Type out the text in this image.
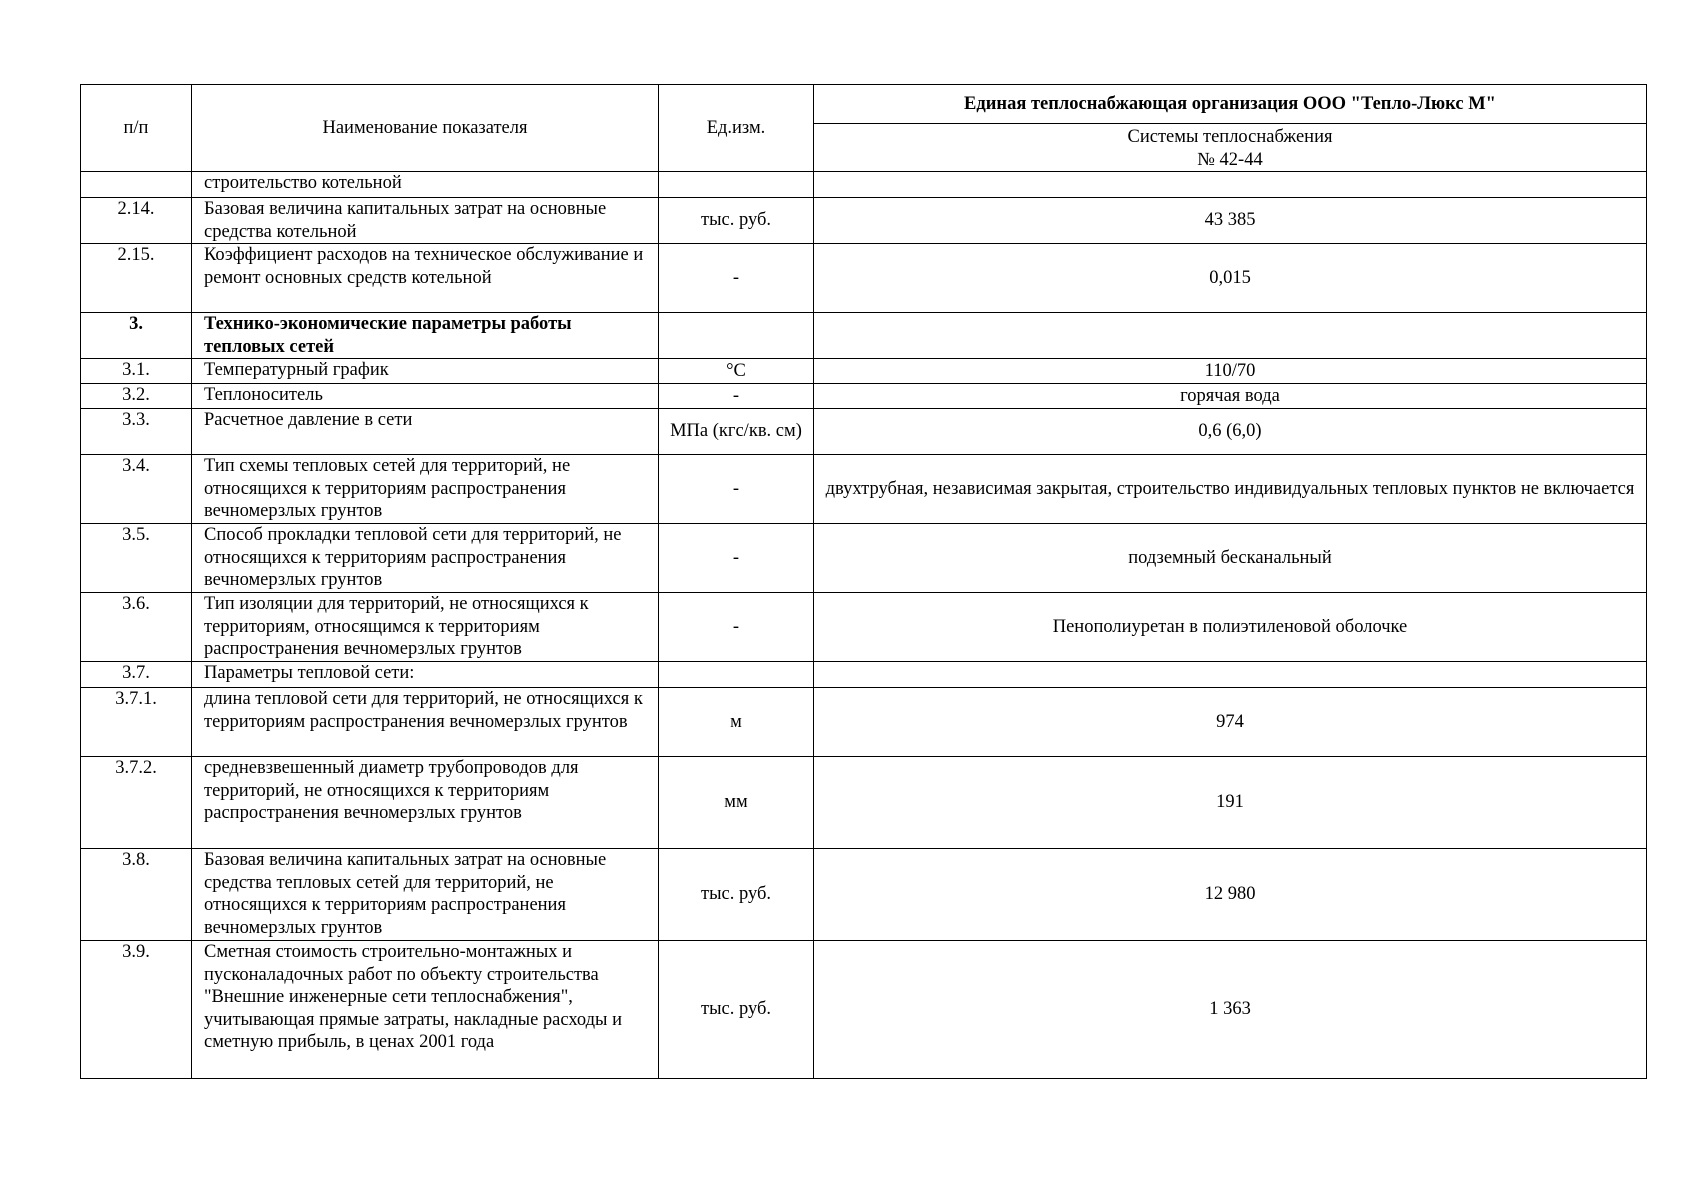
п/п	Наименование показателя	Ед.изм.	Единая теплоснабжающая организация ООО "Тепло-Люкс М"

			Системы теплоснабжения
№ 42-44

	строительство котельной		
2.14.	Базовая величина капитальных затрат на основные средства котельной	тыс. руб.	43 385
2.15.	Коэффициент расходов на техническое обслуживание и ремонт основных средств котельной	-	0,015
3.	Технико-экономические параметры работы тепловых сетей		
3.1.	Температурный график	°С	110/70
3.2.	Теплоноситель	-	горячая вода
3.3.	Расчетное давление в сети	МПа (кгс/кв. см)	0,6 (6,0)
3.4.	Тип схемы тепловых сетей для территорий, не относящихся к территориям распространения вечномерзлых грунтов	-	двухтрубная, независимая закрытая, строительство индивидуальных тепловых пунктов не включается
3.5.	Способ прокладки тепловой сети для территорий, не относящихся к территориям распространения вечномерзлых грунтов	-	подземный бесканальный
3.6.	Тип изоляции для территорий, не относящихся к территориям, относящимся к территориям распространения вечномерзлых грунтов	-	Пенополиуретан в полиэтиленовой оболочке
3.7.	Параметры тепловой сети:		
3.7.1.	длина тепловой сети для территорий, не относящихся к территориям распространения вечномерзлых грунтов	м	974
3.7.2.	средневзвешенный диаметр трубопроводов для территорий, не относящихся к территориям распространения вечномерзлых грунтов	мм	191
3.8.	Базовая величина капитальных затрат на основные средства тепловых сетей для территорий, не относящихся к территориям распространения вечномерзлых грунтов	тыс. руб.	12 980
3.9.	Сметная стоимость строительно-монтажных и пусконаладочных работ по объекту строительства "Внешние инженерные сети теплоснабжения", учитывающая прямые затраты, накладные расходы и сметную прибыль, в ценах 2001 года	тыс. руб.	1 363
